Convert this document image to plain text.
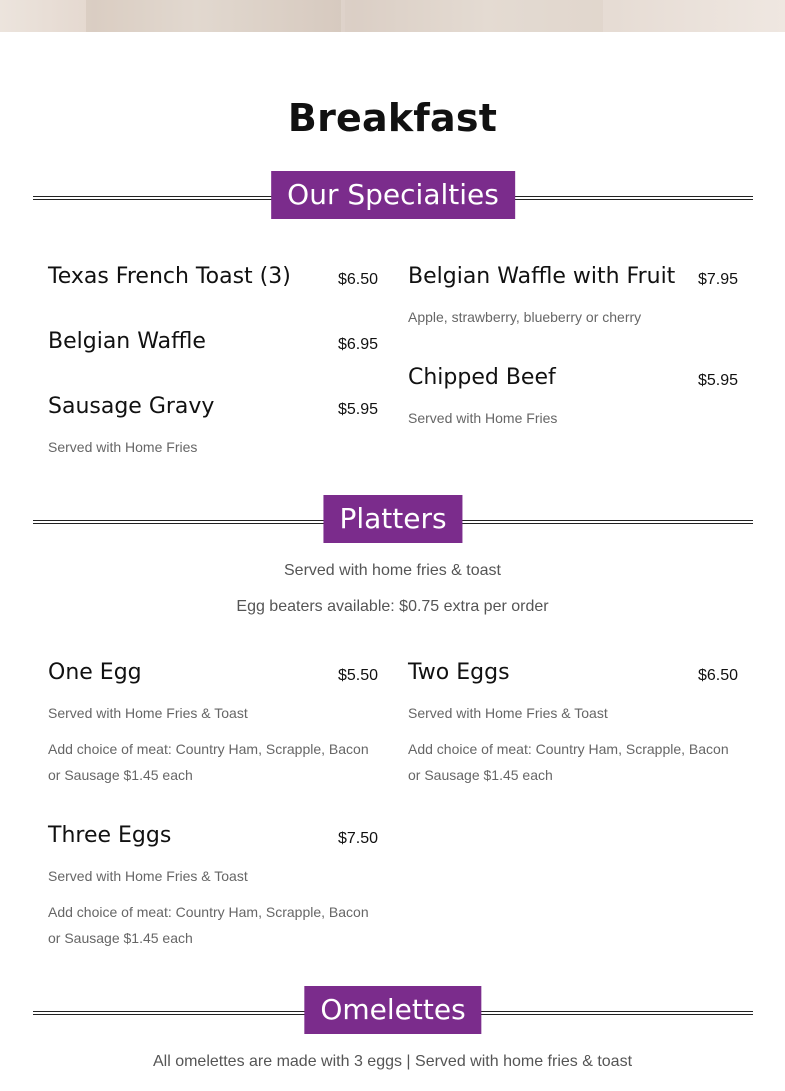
Breakfast
Our Specialties
Texas French Toast (3)	$6.50 Belgian Waffle with Fruit $7.95
Apple, strawberry, blueberry or cherry
Belgian Waffle	$6.95
Chipped Beef	$5.95
Served with Home Fries
Sausage Gravy	$5.95
Served with Home Fries
Platters
Served with home fries & toast
Egg beaters available: $0.75 extra per order
One Egg	$5.50
Served with Home Fries & Toast
Add choice of meat: Country Ham, Scrapple, Bacon or Sausage $1.45 each
Two Eggs	$6.50
Served with Home Fries & Toast
Add choice of meat: Country Ham, Scrapple, Bacon or Sausage $1.45 each
Three Eggs	$7.50
Served with Home Fries & Toast
Add choice of meat: Country Ham, Scrapple, Bacon or Sausage $1.45 each
Omelettes
All omelettes are made with 3 eggs | Served with home fries & toast
